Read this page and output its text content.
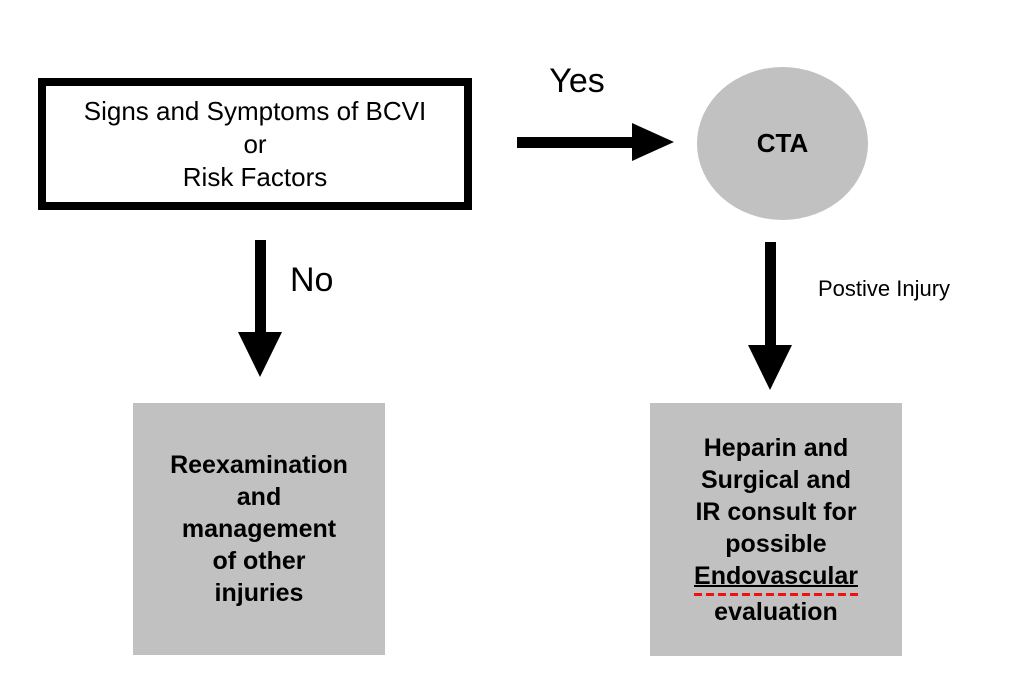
Signs and Symptoms of BCVI
or
Risk Factors
Yes
CTA
No	Postive Injury
Reexamination
and
management
of other
injuries
Heparin and
Surgical and
IR consult for
possible
Endovascular
evaluation
